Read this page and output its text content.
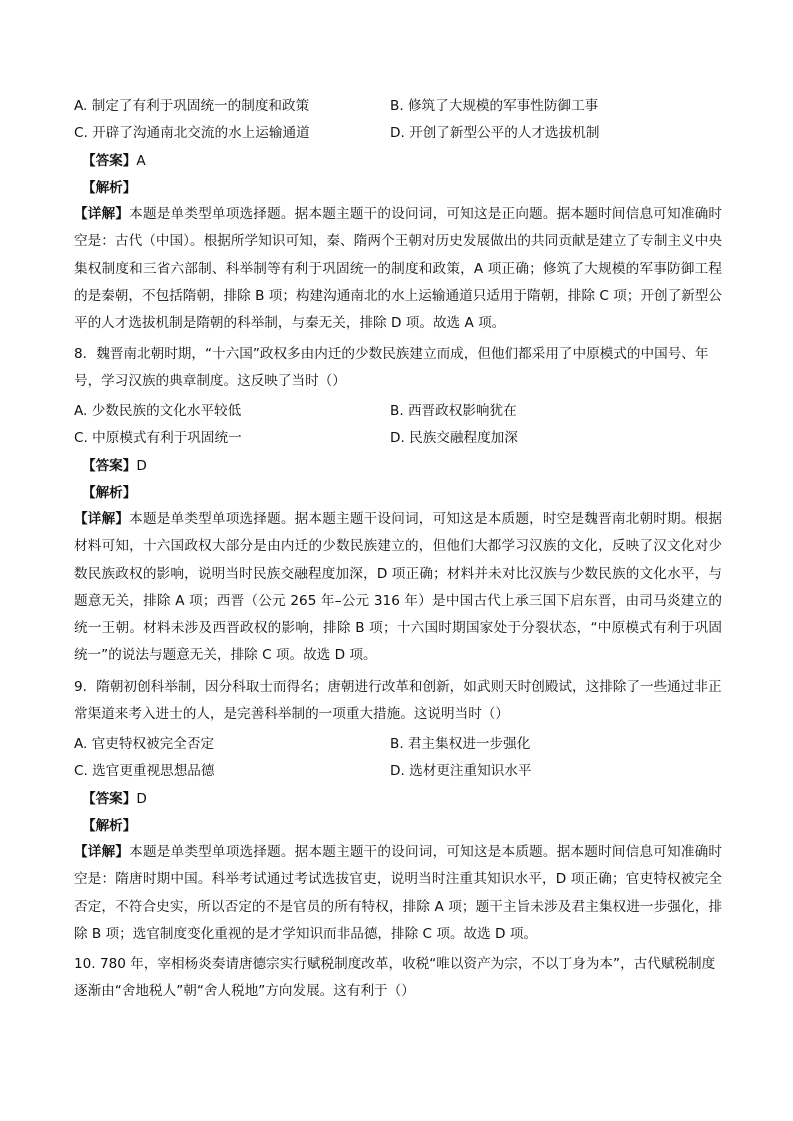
A. 制定了有利于巩固统一的制度和政策	B. 修筑了大规模的军事性防御工事
C. 开辟了沟通南北交流的水上运输通道	D. 开创了新型公平的人才选拔机制
【答案】A
【解析】
【详解】本题是单类型单项选择题。据本题主题干的设问词，可知这是正向题。据本题时间信息可知准确时空是：古代（中国）。根据所学知识可知，秦、隋两个王朝对历史发展做出的共同贡献是建立了专制主义中央集权制度和三省六部制、科举制等有利于巩固统一的制度和政策，A 项正确；修筑了大规模的军事防御工程的是秦朝，不包括隋朝，排除 B 项；构建沟通南北的水上运输通道只适用于隋朝，排除 C 项；开创了新型公平的人才选拔机制是隋朝的科举制，与秦无关，排除 D 项。故选 A 项。
8．魏晋南北朝时期，“十六国”政权多由内迁的少数民族建立而成，但他们都采用了中原模式的中国号、年号，学习汉族的典章制度。这反映了当时（）
A. 少数民族的文化水平较低	B. 西晋政权影响犹在
C. 中原模式有利于巩固统一	D. 民族交融程度加深
【答案】D
【解析】
【详解】本题是单类型单项选择题。据本题主题干设问词，可知这是本质题，时空是魏晋南北朝时期。根据材料可知，十六国政权大部分是由内迁的少数民族建立的，但他们大都学习汉族的文化，反映了汉文化对少数民族政权的影响，说明当时民族交融程度加深，D 项正确；材料并未对比汉族与少数民族的文化水平，与题意无关，排除 A 项；西晋（公元 265 年–公元 316 年）是中国古代上承三国下启东晋，由司马炎建立的统一王朝。材料未涉及西晋政权的影响，排除 B 项；十六国时期国家处于分裂状态，“中原模式有利于巩固统一”的说法与题意无关，排除 C 项。故选 D 项。
9．隋朝初创科举制，因分科取士而得名；唐朝进行改革和创新，如武则天时创殿试，这排除了一些通过非正常渠道来考入进士的人，是完善科举制的一项重大措施。这说明当时（）
A. 官吏特权被完全否定	B. 君主集权进一步强化
C. 选官更重视思想品德	D. 选材更注重知识水平
【答案】D
【解析】
【详解】本题是单类型单项选择题。据本题主题干的设问词，可知这是本质题。据本题时间信息可知准确时空是：隋唐时期中国。科举考试通过考试选拔官吏，说明当时注重其知识水平，D 项正确；官吏特权被完全否定，不符合史实，所以否定的不是官员的所有特权，排除 A 项；题干主旨未涉及君主集权进一步强化，排除 B 项；选官制度变化重视的是才学知识而非品德，排除 C 项。故选 D 项。
10. 780 年，宰相杨炎奏请唐德宗实行赋税制度改革，收税“唯以资产为宗，不以丁身为本”，古代赋税制度逐渐由“舍地税人”朝“舍人税地”方向发展。这有利于（）
